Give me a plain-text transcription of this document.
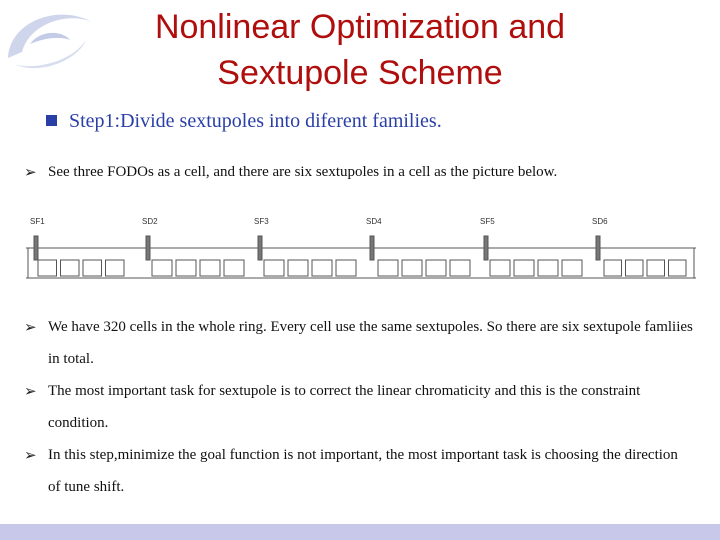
Nonlinear Optimization and
Sextupole Scheme
Step1:Divide sextupoles into diferent families.
➢ See three FODOs as a cell, and there are six sextupoles in a cell as the picture below.
SF1	SD2	SF3	SD4	SF5	SD6
➢ We have 320 cells in the whole ring. Every cell use the same sextupoles. So there are six sextupole famliies in total.
➢ The most important task for sextupole is to correct the linear chromaticity and this is the constraint condition.
➢ In this step,minimize the goal function is not important, the most important task is choosing the direction of tune shift.
